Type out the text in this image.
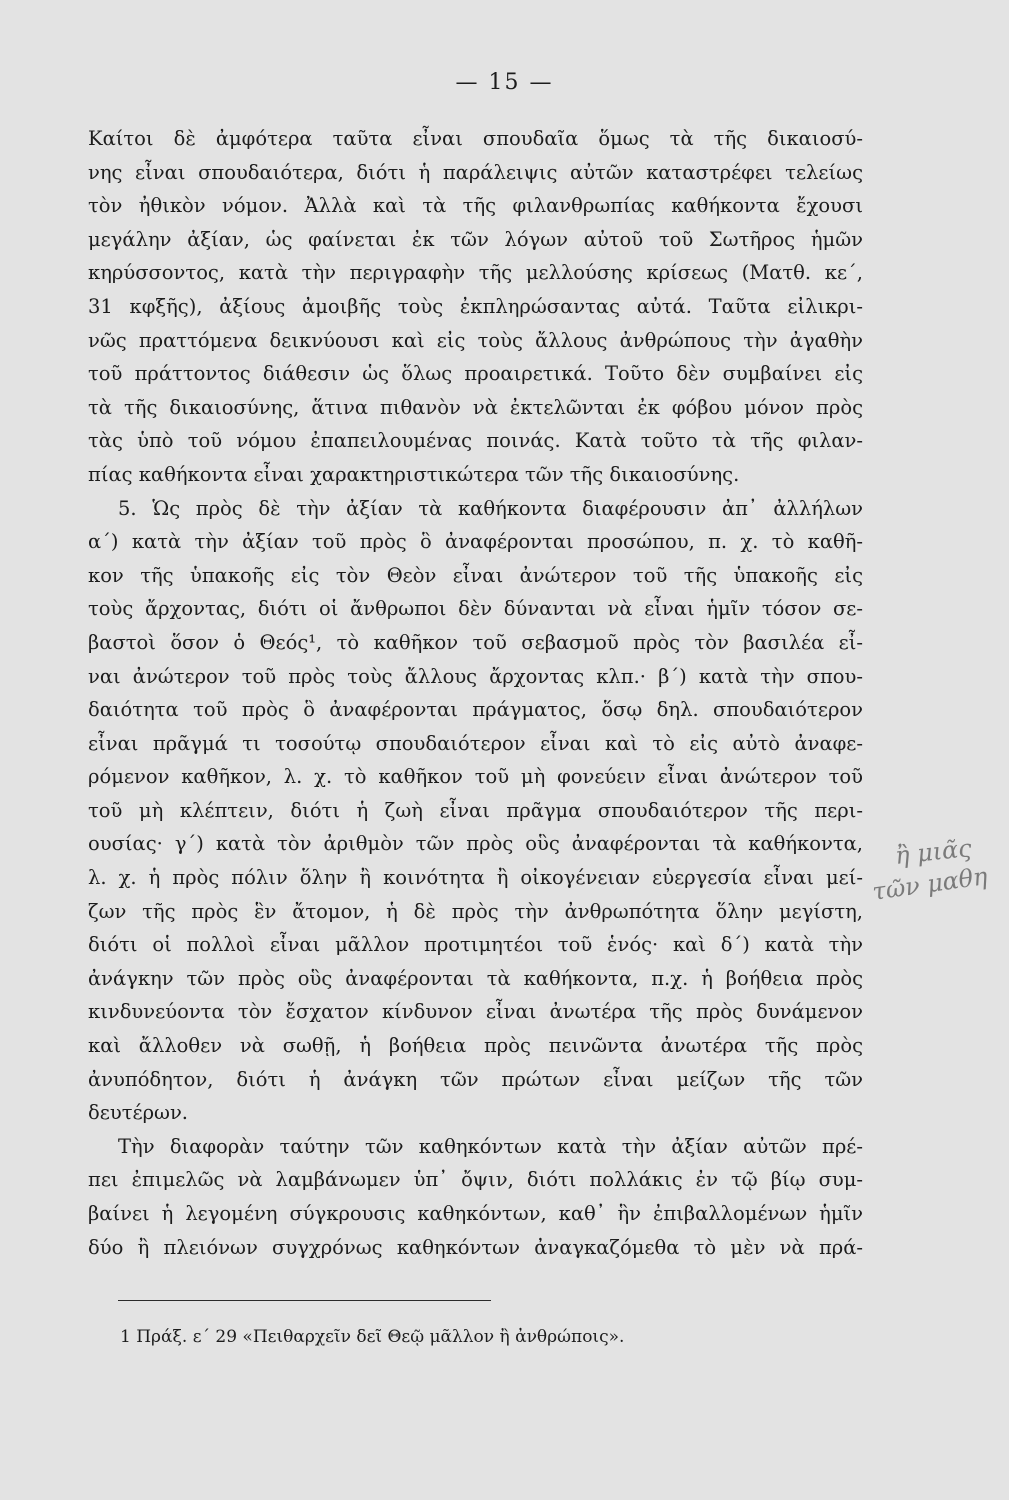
— 15 —
Καίτοι δὲ ἀμφότερα ταῦτα εἶναι σπουδαῖα ὅμως τὰ τῆς δικαιοσύ-
νης εἶναι σπουδαιότερα, διότι ἡ παράλειψις αὐτῶν καταστρέφει τελείως
τὸν ἠθικὸν νόμον. Ἀλλὰ καὶ τὰ τῆς φιλανθρωπίας καθήκοντα ἔχουσι
μεγάλην ἀξίαν, ὡς φαίνεται ἐκ τῶν λόγων αὐτοῦ τοῦ Σωτῆρος ἡμῶν
κηρύσσοντος, κατὰ τὴν περιγραφὴν τῆς μελλούσης κρίσεως (Ματθ. κε΄,
31 κφξῆς), ἀξίους ἀμοιβῆς τοὺς ἐκπληρώσαντας αὐτά. Ταῦτα εἰλικρι-
νῶς πραττόμενα δεικνύουσι καὶ εἰς τοὺς ἄλλους ἀνθρώπους τὴν ἀγαθὴν
τοῦ πράττοντος διάθεσιν ὡς ὅλως προαιρετικά. Τοῦτο δὲν συμβαίνει εἰς
τὰ τῆς δικαιοσύνης, ἅτινα πιθανὸν νὰ ἐκτελῶνται ἐκ φόβου μόνον πρὸς
τὰς ὑπὸ τοῦ νόμου ἐπαπειλουμένας ποινάς. Κατὰ τοῦτο τὰ τῆς φιλαν-
πίας καθήκοντα εἶναι χαρακτηριστικώτερα τῶν τῆς δικαιοσύνης.
5. Ὡς πρὸς δὲ τὴν ἀξίαν τὰ καθήκοντα διαφέρουσιν ἀπ᾿ ἀλλήλων
α΄) κατὰ τὴν ἀξίαν τοῦ πρὸς ὃ ἀναφέρονται προσώπου, π. χ. τὸ καθῆ-
κον τῆς ὑπακοῆς εἰς τὸν Θεὸν εἶναι ἀνώτερον τοῦ τῆς ὑπακοῆς εἰς
τοὺς ἄρχοντας, διότι οἱ ἄνθρωποι δὲν δύνανται νὰ εἶναι ἡμῖν τόσον σε-
βαστοὶ ὅσον ὁ Θεός¹, τὸ καθῆκον τοῦ σεβασμοῦ πρὸς τὸν βασιλέα εἶ-
ναι ἀνώτερον τοῦ πρὸς τοὺς ἄλλους ἄρχοντας κλπ.· β΄) κατὰ τὴν σπου-
δαιότητα τοῦ πρὸς ὃ ἀναφέρονται πράγματος, ὅσῳ δηλ. σπουδαιότερον
εἶναι πρᾶγμά τι τοσούτῳ σπουδαιότερον εἶναι καὶ τὸ εἰς αὐτὸ ἀναφε-
ρόμενον καθῆκον, λ. χ. τὸ καθῆκον τοῦ μὴ φονεύειν εἶναι ἀνώτερον τοῦ
τοῦ μὴ κλέπτειν, διότι ἡ ζωὴ εἶναι πρᾶγμα σπουδαιότερον τῆς περι-
ουσίας· γ΄) κατὰ τὸν ἀριθμὸν τῶν πρὸς οὓς ἀναφέρονται τὰ καθήκοντα,
λ. χ. ἡ πρὸς πόλιν ὅλην ἢ κοινότητα ἢ οἰκογένειαν εὐεργεσία εἶναι μεί-
ζων τῆς πρὸς ἓν ἄτομον, ἡ δὲ πρὸς τὴν ἀνθρωπότητα ὅλην μεγίστη,
διότι οἱ πολλοὶ εἶναι μᾶλλον προτιμητέοι τοῦ ἑνός· καὶ δ΄) κατὰ τὴν
ἀνάγκην τῶν πρὸς οὓς ἀναφέρονται τὰ καθήκοντα, π.χ. ἡ βοήθεια πρὸς
κινδυνεύοντα τὸν ἔσχατον κίνδυνον εἶναι ἀνωτέρα τῆς πρὸς δυνάμενον
καὶ ἄλλοθεν νὰ σωθῇ, ἡ βοήθεια πρὸς πεινῶντα ἀνωτέρα τῆς πρὸς
ἀνυπόδητον, διότι ἡ ἀνάγκη τῶν πρώτων εἶναι μείζων τῆς τῶν
δευτέρων.
Τὴν διαφορὰν ταύτην τῶν καθηκόντων κατὰ τὴν ἀξίαν αὐτῶν πρέ-
πει ἐπιμελῶς νὰ λαμβάνωμεν ὑπ᾿ ὄψιν, διότι πολλάκις ἐν τῷ βίῳ συμ-
βαίνει ἡ λεγομένη σύγκρουσις καθηκόντων, καθ᾿ ἣν ἐπιβαλλομένων ἡμῖν
δύο ἢ πλειόνων συγχρόνως καθηκόντων ἀναγκαζόμεθα τὸ μὲν νὰ πρά-
1 Πράξ. ε΄ 29 «Πειθαρχεῖν δεῖ Θεῷ μᾶλλον ἢ ἀνθρώποις».
ἢ μιᾶς
τῶν μαθη
